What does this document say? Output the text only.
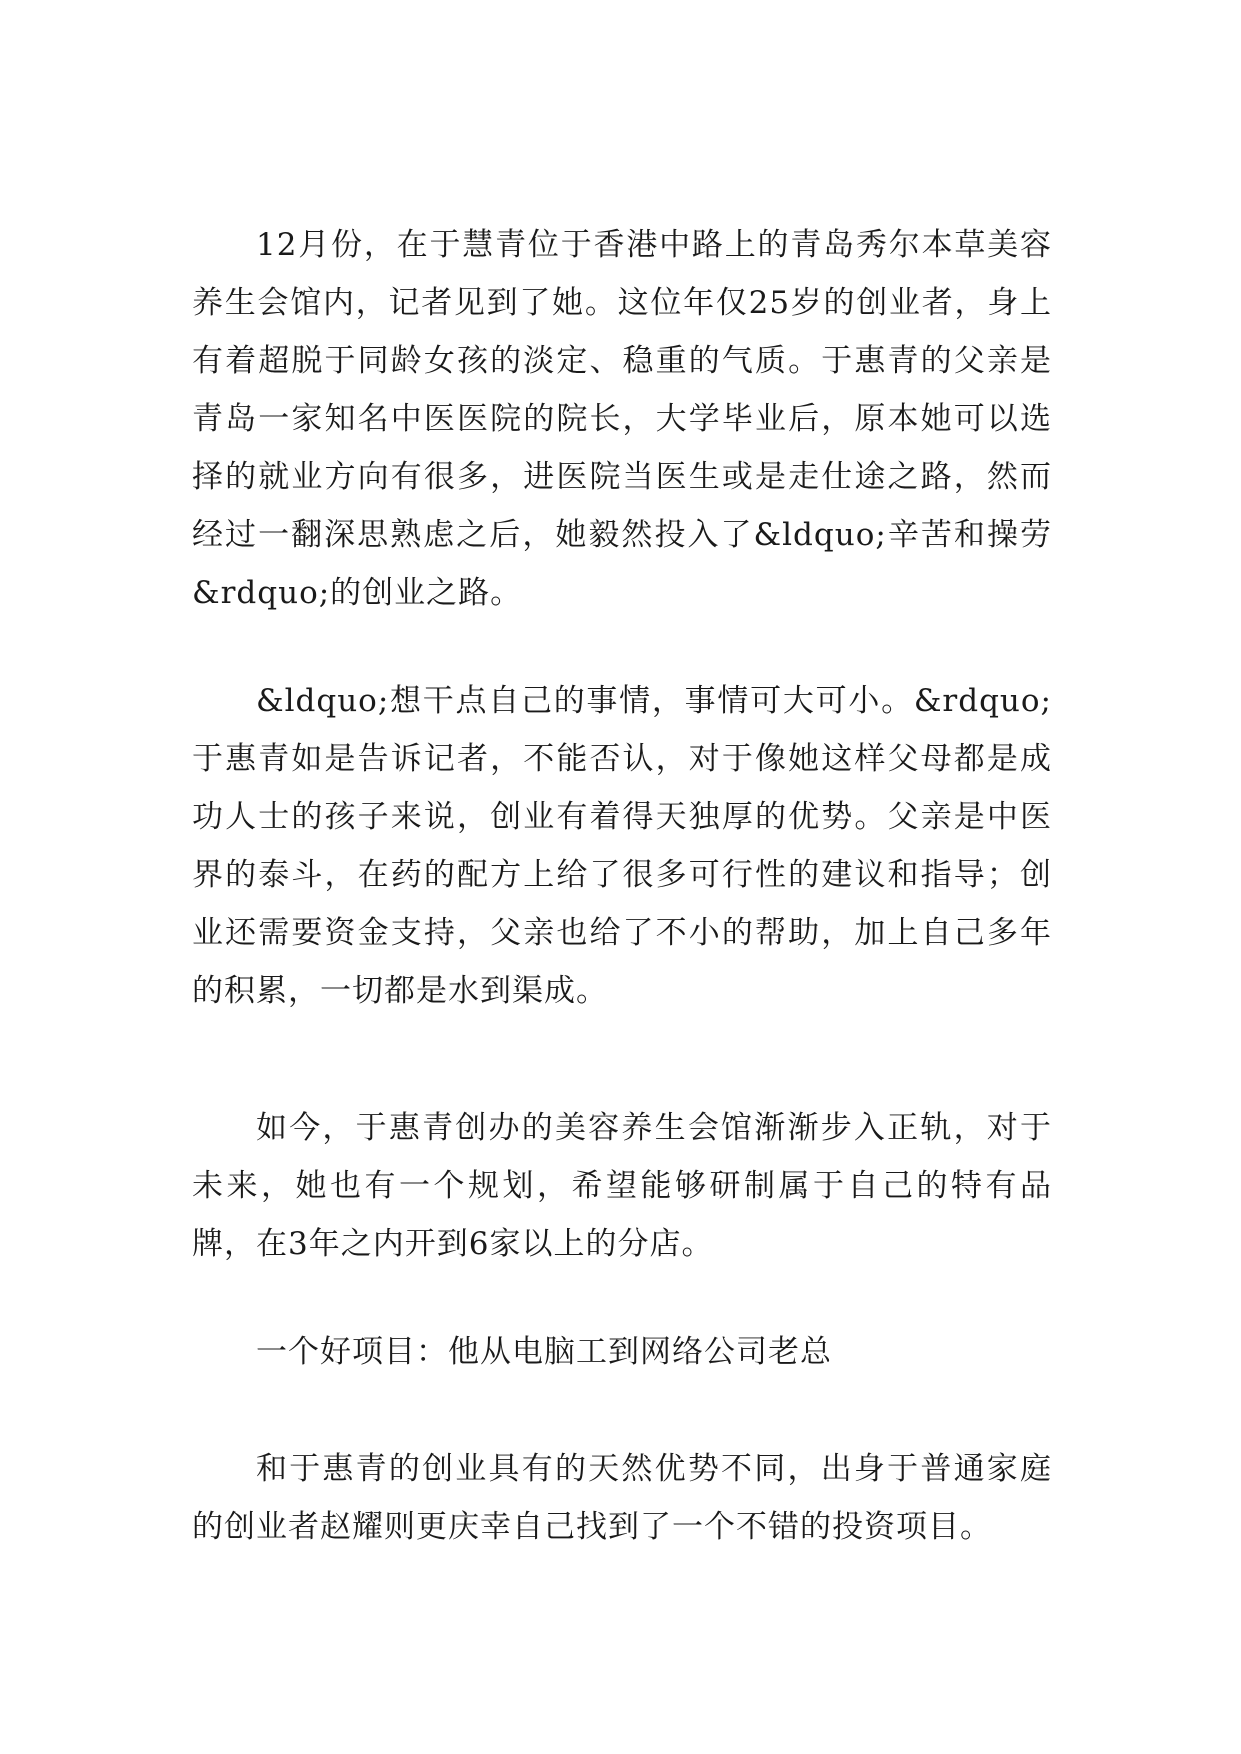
12月份，在于慧青位于香港中路上的青岛秀尔本草美容养生会馆内，记者见到了她。这位年仅25岁的创业者，身上有着超脱于同龄女孩的淡定、稳重的气质。于惠青的父亲是青岛一家知名中医医院的院长，大学毕业后，原本她可以选择的就业方向有很多，进医院当医生或是走仕途之路，然而经过一翻深思熟虑之后，她毅然投入了&ldquo;辛苦和操劳&rdquo;的创业之路。

&ldquo;想干点自己的事情，事情可大可小。&rdquo;于惠青如是告诉记者，不能否认，对于像她这样父母都是成功人士的孩子来说，创业有着得天独厚的优势。父亲是中医界的泰斗，在药的配方上给了很多可行性的建议和指导；创业还需要资金支持，父亲也给了不小的帮助，加上自己多年的积累，一切都是水到渠成。

如今，于惠青创办的美容养生会馆渐渐步入正轨，对于未来，她也有一个规划，希望能够研制属于自己的特有品牌，在3年之内开到6家以上的分店。

一个好项目：他从电脑工到网络公司老总

和于惠青的创业具有的天然优势不同，出身于普通家庭的创业者赵耀则更庆幸自己找到了一个不错的投资项目。
